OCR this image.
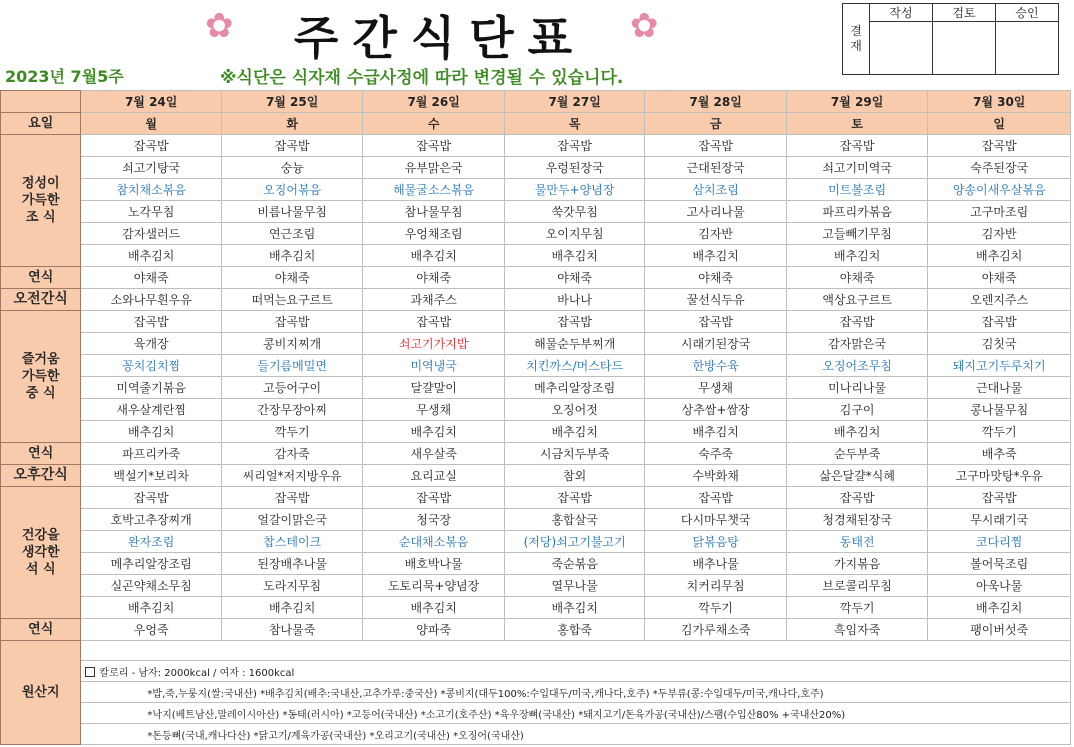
✿	주간식단표	✿
2023년 7월5주	※식단은 식자재 수급사정에 따라 변경될 수 있습니다.
결
재	작성	검토	승인

	7월 24일	7월 25일	7월 26일	7월 27일	7월 28일	7월 29일	7월 30일
요일	월	화	수	목	금	토	일
정성이
가득한
조 식	잡곡밥	잡곡밥	잡곡밥	잡곡밥	잡곡밥	잡곡밥	잡곡밥
	쇠고기탕국	숭늉	유부맑은국	우렁된장국	근대된장국	쇠고기미역국	숙주된장국
	참치채소볶음	오징어볶음	해물굴소스볶음	물만두+양념장	삼치조림	미트볼조림	양송이새우살볶음
	노각무침	비름나물무침	참나물무침	쑥갓무침	고사리나물	파프리카볶음	고구마조림
	감자샐러드	연근조림	우엉채조림	오이지무침	김자반	고들빼기무침	김자반
	배추김치	배추김치	배추김치	배추김치	배추김치	배추김치	배추김치
연식	야채죽	야채죽	야채죽	야채죽	야채죽	야채죽	야채죽
오전간식	소와나무흰우유	떠먹는요구르트	과채주스	바나나	꿀선식두유	액상요구르트	오렌지주스
즐거움
가득한
중 식	잡곡밥	잡곡밥	잡곡밥	잡곡밥	잡곡밥	잡곡밥	잡곡밥
	육개장	콩비지찌개	쇠고기가지밥	해물순두부찌개	시래기된장국	감자맑은국	김칫국
	꽁치김치찜	들기름메밀면	미역냉국	치킨까스/머스타드	한방수육	오징어조무침	돼지고기두루치기
	미역줄기볶음	고등어구이	달걀말이	메추리알장조림	무생채	미나리나물	근대나물
	새우살계란찜	간장무장아찌	무생채	오징어젓	상추쌈+쌈장	김구이	콩나물무침
	배추김치	깍두기	배추김치	배추김치	배추김치	배추김치	깍두기
연식	파프리카죽	감자죽	새우살죽	시금치두부죽	숙주죽	순두부죽	배추죽
오후간식	백설기*보리차	씨리얼*저지방우유	요리교실	참외	수박화채	삶은달걀*식혜	고구마맛탕*우유
건강을
생각한
석 식	잡곡밥	잡곡밥	잡곡밥	잡곡밥	잡곡밥	잡곡밥	잡곡밥
	호박고추장찌개	얼갈이맑은국	청국장	홍합살국	다시마무챗국	청경채된장국	무시래기국
	완자조림	찹스테이크	순대채소볶음	(저당)쇠고기불고기	닭볶음탕	동태전	코다리찜
	메추리알장조림	된장배추나물	배호박나물	죽순볶음	배추나물	가지볶음	볼어묵조림
	실곤약채소무침	도라지무침	도토리묵+양념장	열무나물	치커리무침	브로콜리무침	아욱나물
	배추김치	배추김치	배추김치	배추김치	깍두기	깍두기	배추김치
연식	우엉죽	참나물죽	양파죽	홍합죽	김가루채소죽	흑임자죽	팽이버섯죽
원산지							
	칼로리 - 남자: 2000kcal / 여자 : 1600kcal						
	*밥,죽,누룽지(쌀:국내산) *배추김치(배추:국내산,고추가루:중국산) *콩비지(대두100%:수입대두/미국,캐나다,호주) *두부류(콩:수입대두/미국,캐나다,호주)						
	*낙지(베트남산,말레이시아산) *동태(러시아) *고등어(국내산) *소고기(호주산) *육우장뼈(국내산) *돼지고기/돈육가공(국내산)/스팸(수입산80% +국내산20%)						
	*돈등뼈(국내,캐나다산) *닭고기/계육가공(국내산) *오리고기(국내산) *오징어(국내산)						
